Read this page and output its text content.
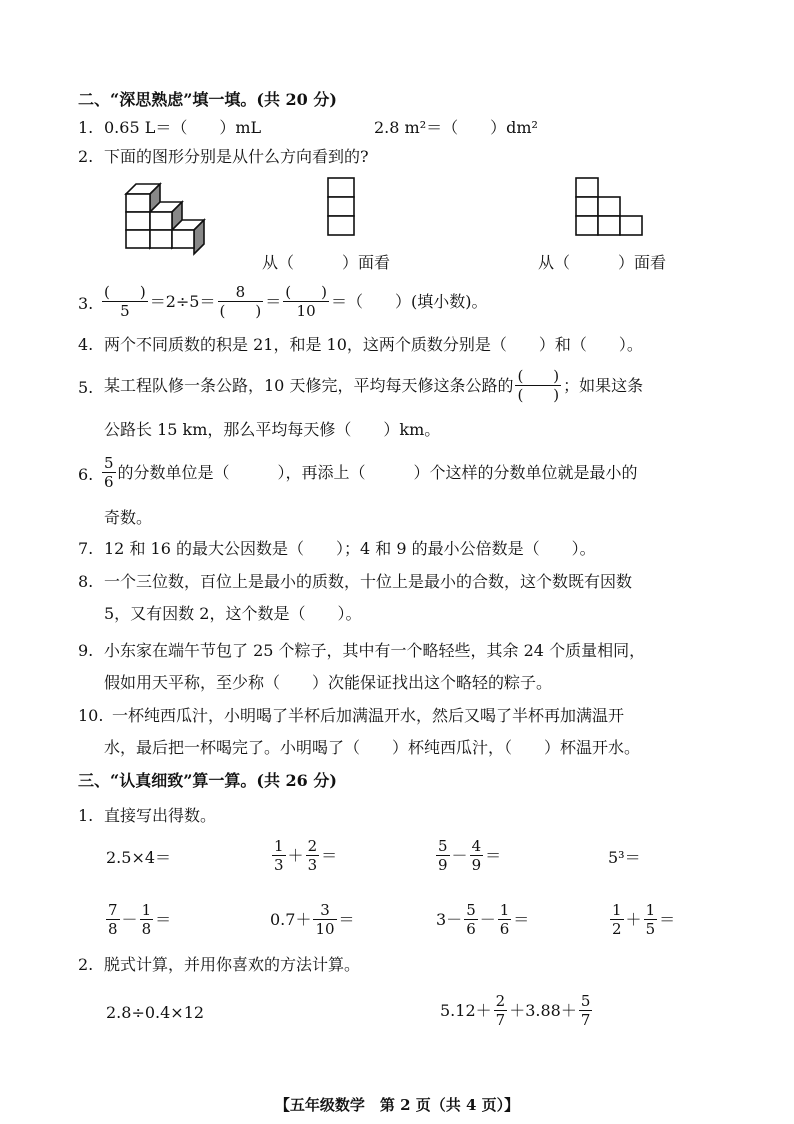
二、“深思熟虑”填一填。(共 20 分)
1. 0.65 L＝（　　）mL	2.8 m²＝（　　）dm²
2. 下面的图形分别是从什么方向看到的?
从（　　　）面看	从（　　　）面看
3. $\frac{( )}{5} =2\div 5= \frac{8}{( )} = \frac{( )}{10}$ ＝（　　）(填小数)。
4. 两个不同质数的积是 21，和是 10，这两个质数分别是（　　）和（　　）。
5. 某工程队修一条公路，10 天修完，平均每天修这条公路的 $\frac{( )}{( )}$ ；如果这条
公路长 15 km，那么平均每天修（　　）km。
6. $\frac{5}{6}$ 的分数单位是（　　　），再添上（　　　）个这样的分数单位就是最小的
奇数。
7. 12 和 16 的最大公因数是（　　）；4 和 9 的最小公倍数是（　　）。
8. 一个三位数，百位上是最小的质数，十位上是最小的合数，这个数既有因数
5，又有因数 2，这个数是（　　）。
9. 小东家在端午节包了 25 个粽子，其中有一个略轻些，其余 24 个质量相同，
假如用天平称，至少称（　　）次能保证找出这个略轻的粽子。
10. 一杯纯西瓜汁，小明喝了半杯后加满温开水，然后又喝了半杯再加满温开
水，最后把一杯喝完了。小明喝了（　　）杯纯西瓜汁，（　　）杯温开水。
三、“认真细致”算一算。(共 26 分)
1. 直接写出得数。
2.5×4＝	$\frac{1}{3} + \frac{2}{3}$ ＝	$\frac{5}{9} - \frac{4}{9}$ ＝	5³＝
$\frac{7}{8} - \frac{1}{8}$ ＝	$0.7+ \frac{3}{10}$ ＝	$3- \frac{5}{6} - \frac{1}{6}$ ＝	$\frac{1}{2} + \frac{1}{5}$ ＝
2. 脱式计算，并用你喜欢的方法计算。
2.8÷0.4×12	$5.12+ \frac{2}{7} +3.88+ \frac{5}{7}$
【五年级数学　第 2 页（共 4 页）】
